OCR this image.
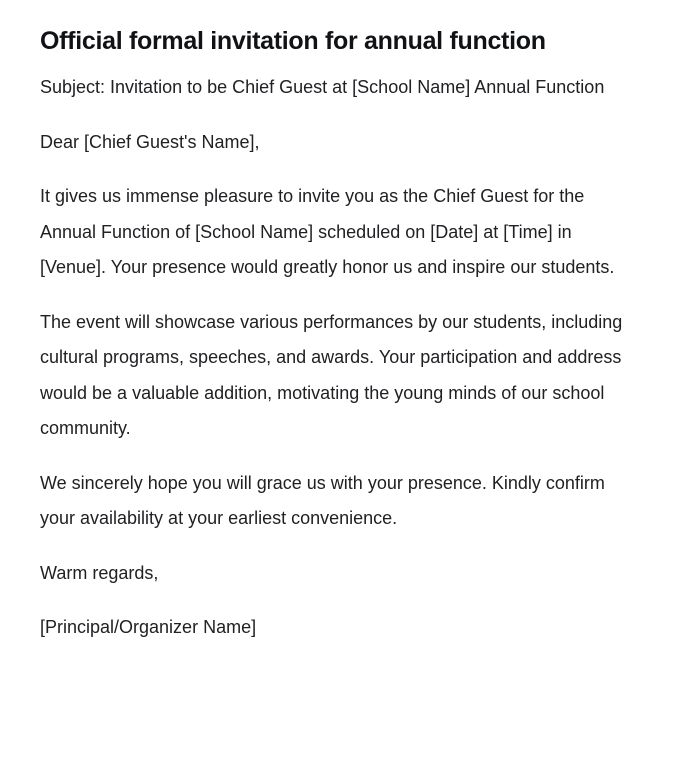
Official formal invitation for annual function

Subject: Invitation to be Chief Guest at [School Name] Annual Function

Dear [Chief Guest's Name],

It gives us immense pleasure to invite you as the Chief Guest for the Annual Function of [School Name] scheduled on [Date] at [Time] in [Venue]. Your presence would greatly honor us and inspire our students.

The event will showcase various performances by our students, including cultural programs, speeches, and awards. Your participation and address would be a valuable addition, motivating the young minds of our school community.

We sincerely hope you will grace us with your presence. Kindly confirm your availability at your earliest convenience.

Warm regards,

[Principal/Organizer Name]
